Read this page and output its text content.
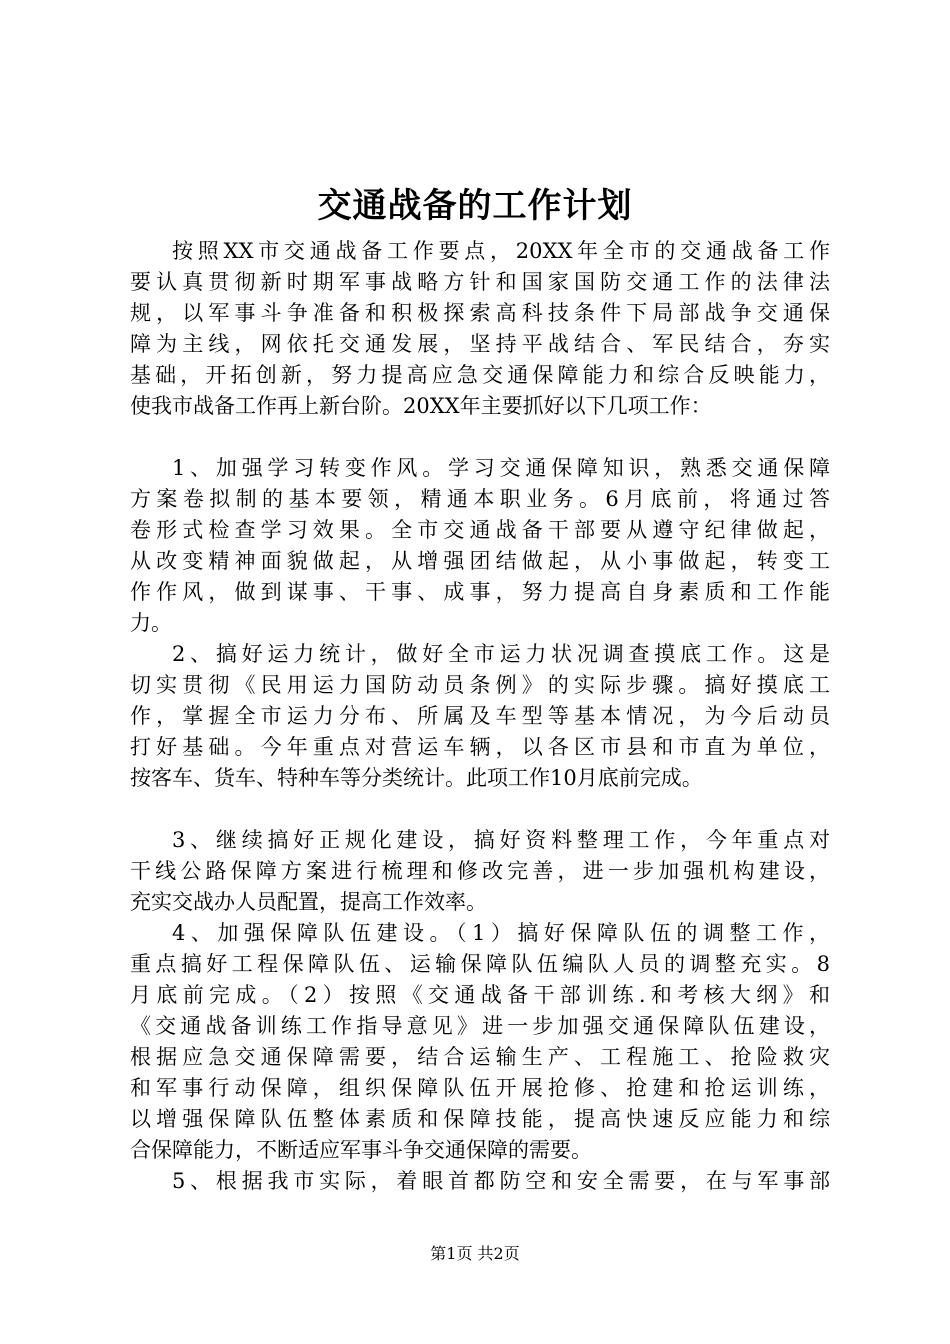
交通战备的工作计划
按照XX市交通战备工作要点，20XX年全市的交通战备工作
要认真贯彻新时期军事战略方针和国家国防交通工作的法律法
规，以军事斗争准备和积极探索高科技条件下局部战争交通保
障为主线，网依托交通发展，坚持平战结合、军民结合，夯实
基础，开拓创新，努力提高应急交通保障能力和综合反映能力，
使我市战备工作再上新台阶。20XX年主要抓好以下几项工作：
1、加强学习转变作风。学习交通保障知识，熟悉交通保障
方案卷拟制的基本要领，精通本职业务。6月底前，将通过答
卷形式检查学习效果。全市交通战备干部要从遵守纪律做起，
从改变精神面貌做起，从增强团结做起，从小事做起，转变工
作作风，做到谋事、干事、成事，努力提高自身素质和工作能
力。
2、搞好运力统计，做好全市运力状况调查摸底工作。这是
切实贯彻《民用运力国防动员条例》的实际步骤。搞好摸底工
作，掌握全市运力分布、所属及车型等基本情况，为今后动员
打好基础。今年重点对营运车辆，以各区市县和市直为单位，
按客车、货车、特种车等分类统计。此项工作10月底前完成。
3、继续搞好正规化建设，搞好资料整理工作，今年重点对
干线公路保障方案进行梳理和修改完善，进一步加强机构建设，
充实交战办人员配置，提高工作效率。
4、加强保障队伍建设。（1）搞好保障队伍的调整工作，
重点搞好工程保障队伍、运输保障队伍编队人员的调整充实。8
月底前完成。（2）按照《交通战备干部训练.和考核大纲》和
《交通战备训练工作指导意见》进一步加强交通保障队伍建设，
根据应急交通保障需要，结合运输生产、工程施工、抢险救灾
和军事行动保障，组织保障队伍开展抢修、抢建和抢运训练，
以增强保障队伍整体素质和保障技能，提高快速反应能力和综
合保障能力，不断适应军事斗争交通保障的需要。
5、根据我市实际，着眼首都防空和安全需要，在与军事部
第1页 共2页
